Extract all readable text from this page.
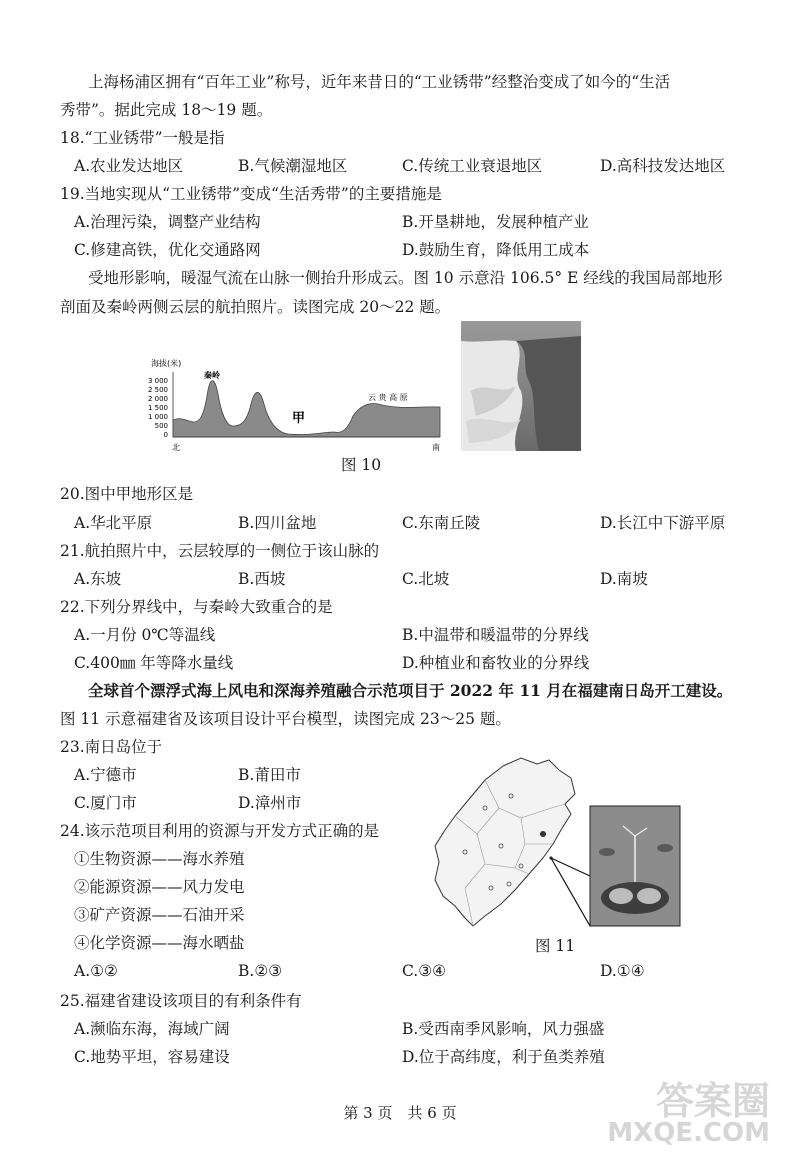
上海杨浦区拥有“百年工业”称号，近年来昔日的“工业锈带”经整治变成了如今的“生活
秀带”。据此完成 18～19 题。
18.“工业锈带”一般是指
A.农业发达地区	B.气候潮湿地区	C.传统工业衰退地区	D.高科技发达地区
19.当地实现从“工业锈带”变成“生活秀带”的主要措施是
A.治理污染，调整产业结构	B.开垦耕地，发展种植产业
C.修建高铁，优化交通路网	D.鼓励生育，降低用工成本
受地形影响，暖湿气流在山脉一侧抬升形成云。图 10 示意沿 106.5° E 经线的我国局部地形
剖面及秦岭两侧云层的航拍照片。读图完成 20～22 题。
海拔(米)
3 000
2 500
2 000
1 500
1 000
500
0
秦岭
甲
云 贵 高 原
北	南
图 10
20.图中甲地形区是
A.华北平原	B.四川盆地	C.东南丘陵	D.长江中下游平原
21.航拍照片中，云层较厚的一侧位于该山脉的
A.东坡	B.西坡	C.北坡	D.南坡
22.下列分界线中，与秦岭大致重合的是
A.一月份 0℃等温线	B.中温带和暖温带的分界线
C.400㎜ 年等降水量线	D.种植业和畜牧业的分界线
全球首个漂浮式海上风电和深海养殖融合示范项目于 2022 年 11 月在福建南日岛开工建设。
图 11 示意福建省及该项目设计平台模型，读图完成 23～25 题。
23.南日岛位于
A.宁德市	B.莆田市
C.厦门市	D.漳州市
24.该示范项目利用的资源与开发方式正确的是
①生物资源——海水养殖
②能源资源——风力发电
③矿产资源——石油开采
④化学资源——海水晒盐
A.①②	B.②③	C.③④	D.①④
图 11
25.福建省建设该项目的有利条件有
A.濒临东海，海域广阔	B.受西南季风影响，风力强盛
C.地势平坦，容易建设	D.位于高纬度，利于鱼类养殖
第 3 页　共 6 页	答案圈
MXQE.COM
